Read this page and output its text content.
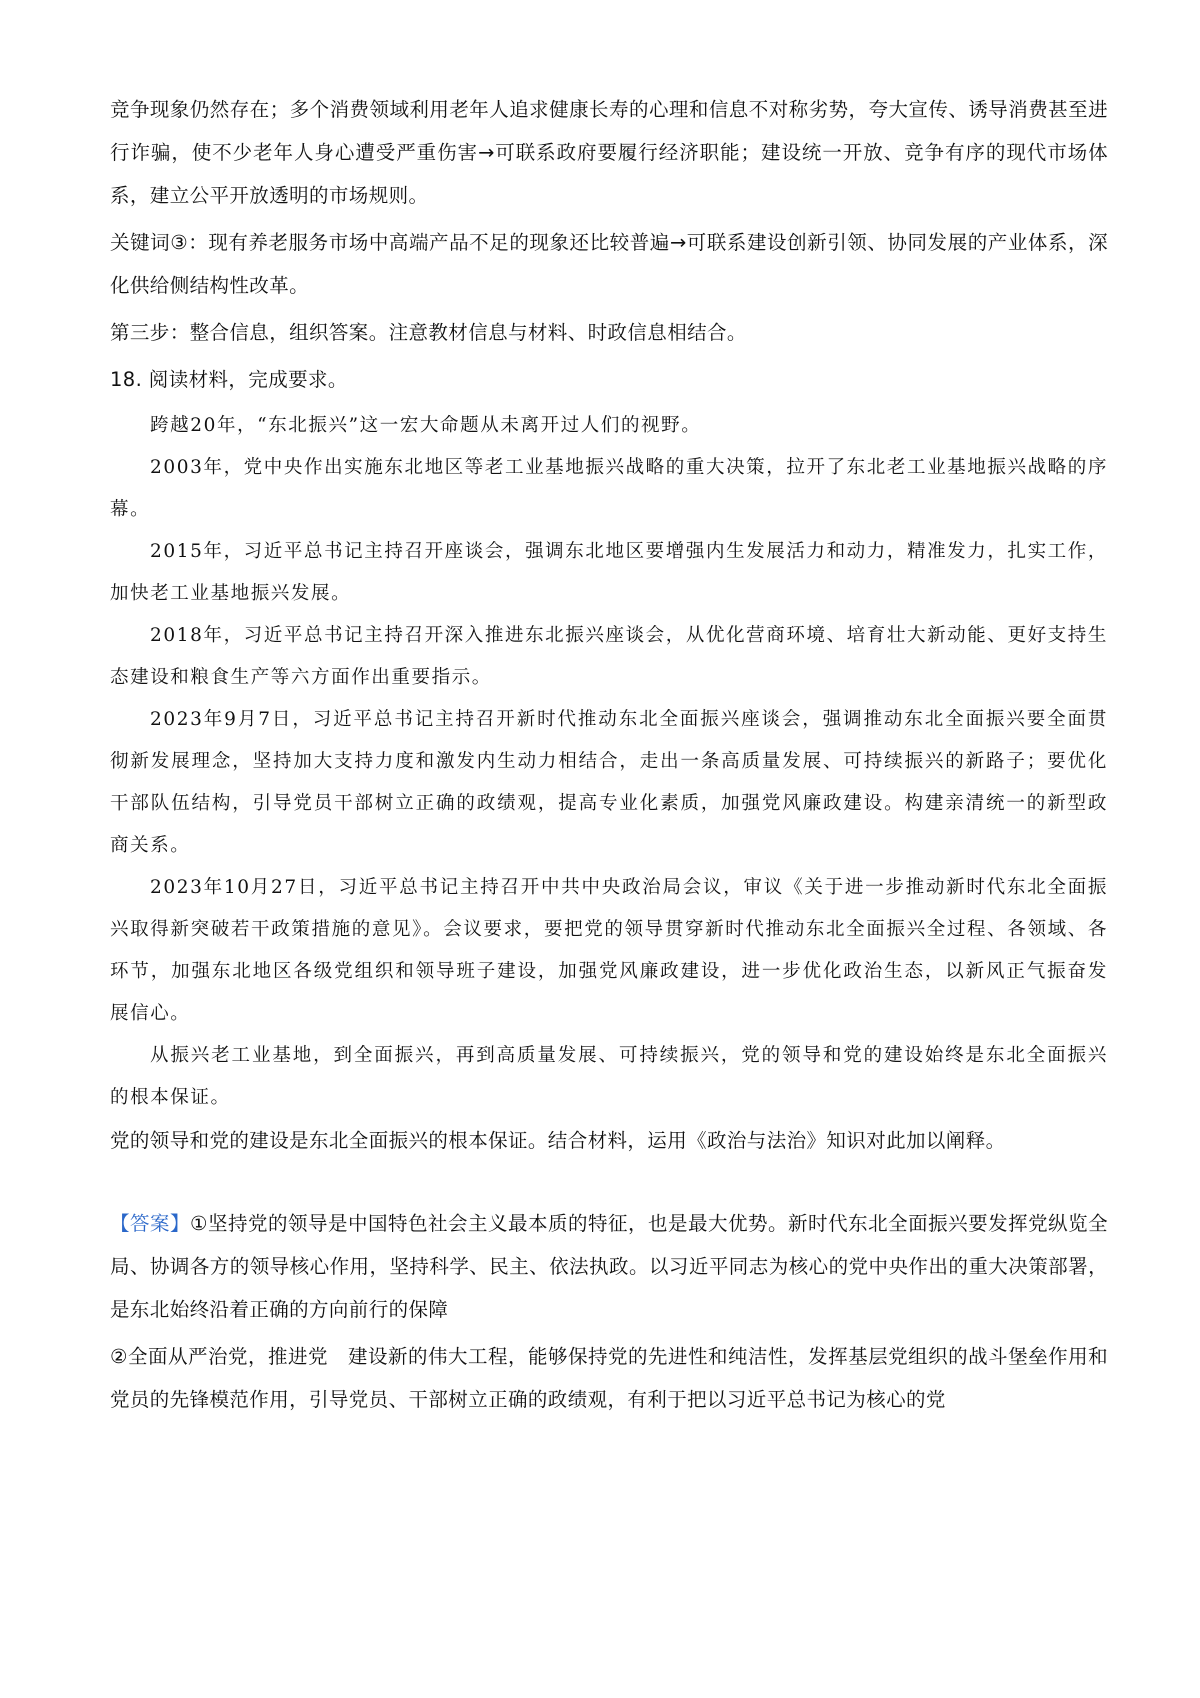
竞争现象仍然存在；多个消费领域利用老年人追求健康长寿的心理和信息不对称劣势，夸大宣传、诱导消费甚至进行诈骗，使不少老年人身心遭受严重伤害→可联系政府要履行经济职能；建设统一开放、竞争有序的现代市场体系，建立公平开放透明的市场规则。

关键词③：现有养老服务市场中高端产品不足的现象还比较普遍→可联系建设创新引领、协同发展的产业体系，深化供给侧结构性改革。

第三步：整合信息，组织答案。注意教材信息与材料、时政信息相结合。

18. 阅读材料，完成要求。

跨越20年，“东北振兴”这一宏大命题从未离开过人们的视野。

2003年，党中央作出实施东北地区等老工业基地振兴战略的重大决策，拉开了东北老工业基地振兴战略的序幕。

2015年，习近平总书记主持召开座谈会，强调东北地区要增强内生发展活力和动力，精准发力，扎实工作，加快老工业基地振兴发展。

2018年，习近平总书记主持召开深入推进东北振兴座谈会，从优化营商环境、培育壮大新动能、更好支持生态建设和粮食生产等六方面作出重要指示。

2023年9月7日，习近平总书记主持召开新时代推动东北全面振兴座谈会，强调推动东北全面振兴要全面贯彻新发展理念，坚持加大支持力度和激发内生动力相结合，走出一条高质量发展、可持续振兴的新路子；要优化干部队伍结构，引导党员干部树立正确的政绩观，提高专业化素质，加强党风廉政建设。构建亲清统一的新型政商关系。

2023年10月27日，习近平总书记主持召开中共中央政治局会议，审议《关于进一步推动新时代东北全面振兴取得新突破若干政策措施的意见》。会议要求，要把党的领导贯穿新时代推动东北全面振兴全过程、各领域、各环节，加强东北地区各级党组织和领导班子建设，加强党风廉政建设，进一步优化政治生态，以新风正气振奋发展信心。

从振兴老工业基地，到全面振兴，再到高质量发展、可持续振兴，党的领导和党的建设始终是东北全面振兴的根本保证。

党的领导和党的建设是东北全面振兴的根本保证。结合材料，运用《政治与法治》知识对此加以阐释。

【答案】①坚持党的领导是中国特色社会主义最本质的特征，也是最大优势。新时代东北全面振兴要发挥党纵览全局、协调各方的领导核心作用，坚持科学、民主、依法执政。以习近平同志为核心的党中央作出的重大决策部署，是东北始终沿着正确的方向前行的保障

②全面从严治党，推进党　建设新的伟大工程，能够保持党的先进性和纯洁性，发挥基层党组织的战斗堡垒作用和党员的先锋模范作用，引导党员、干部树立正确的政绩观，有利于把以习近平总书记为核心的党
